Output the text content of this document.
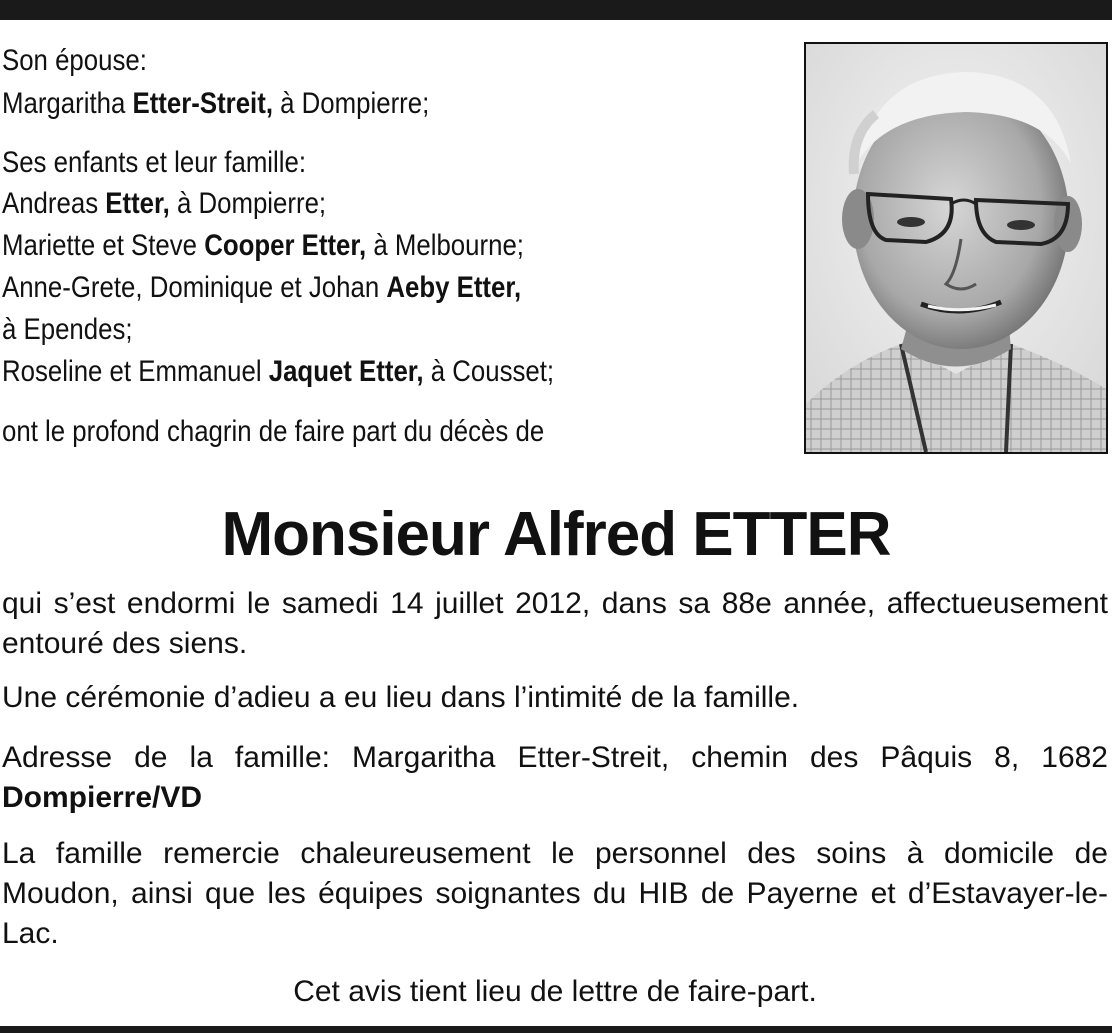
Son épouse:
Margaritha Etter-Streit, à Dompierre;
Ses enfants et leur famille:
Andreas Etter, à Dompierre;
Mariette et Steve Cooper Etter, à Melbourne;
Anne-Grete, Dominique et Johan Aeby Etter,
à Ependes;
Roseline et Emmanuel Jaquet Etter, à Cousset;
ont le profond chagrin de faire part du décès de
Monsieur Alfred ETTER
qui s’est endormi le samedi 14 juillet 2012, dans sa 88e année, affectueusement entouré des siens.
Une cérémonie d’adieu a eu lieu dans l’intimité de la famille.
Adresse de la famille: Margaritha Etter-Streit, chemin des Pâquis 8, 1682 Dompierre/VD
La famille remercie chaleureusement le personnel des soins à domicile de Moudon, ainsi que les équipes soignantes du HIB de Payerne et d’Estavayer-le-Lac.
Cet avis tient lieu de lettre de faire-part.
